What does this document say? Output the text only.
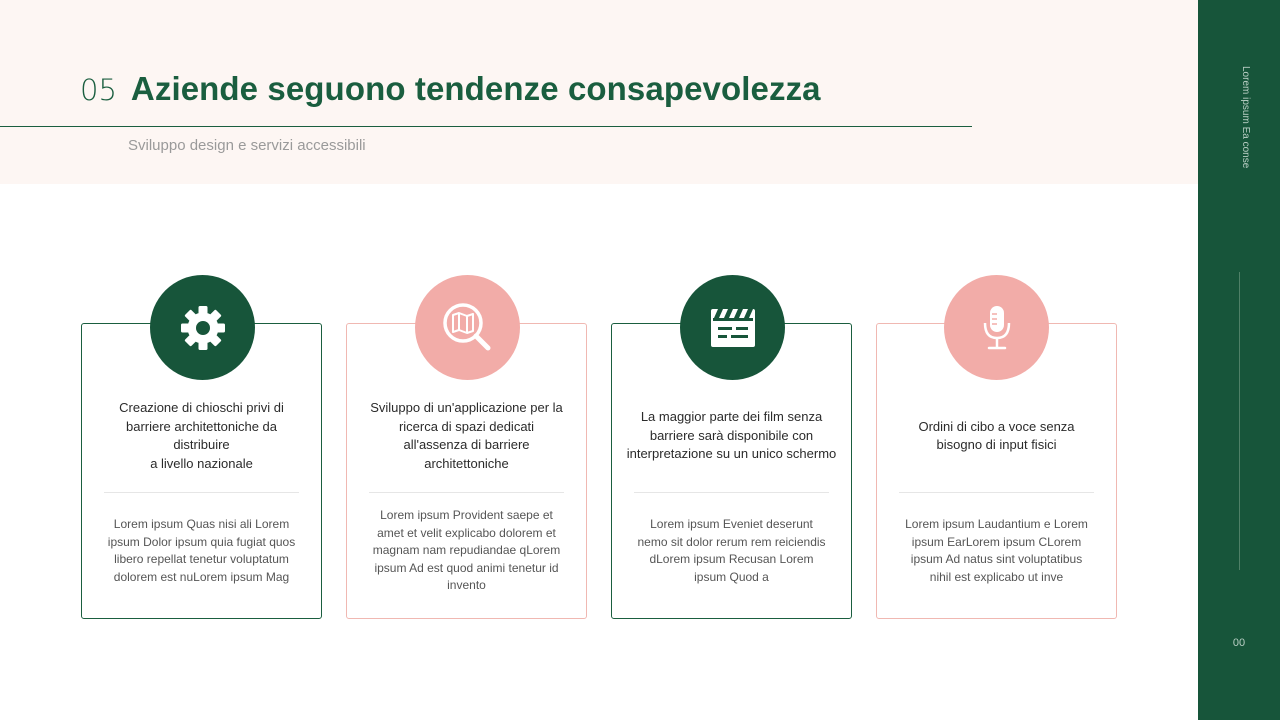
05 Aziende seguono tendenze consapevolezza
Sviluppo design e servizi accessibili	Lorem ipsum Ea conse
00
Creazione di chioschi privi di
barriere architettoniche da
distribuire
a livello nazionale
Lorem ipsum Quas nisi ali Lorem ipsum Dolor ipsum quia fugiat quos libero repellat tenetur voluptatum dolorem est nuLorem ipsum Mag
Sviluppo di un'applicazione per la
ricerca di spazi dedicati
all'assenza di barriere
architettoniche
Lorem ipsum Provident saepe et amet et velit explicabo dolorem et magnam nam repudiandae qLorem ipsum Ad est quod animi tenetur id invento
La maggior parte dei film senza
barriere sarà disponibile con
interpretazione su un unico schermo
Lorem ipsum Eveniet deserunt nemo sit dolor rerum rem reiciendis dLorem ipsum Recusan Lorem ipsum Quod a
Ordini di cibo a voce senza
bisogno di input fisici
Lorem ipsum Laudantium e Lorem ipsum EarLorem ipsum CLorem ipsum Ad natus sint voluptatibus nihil est explicabo ut inve
